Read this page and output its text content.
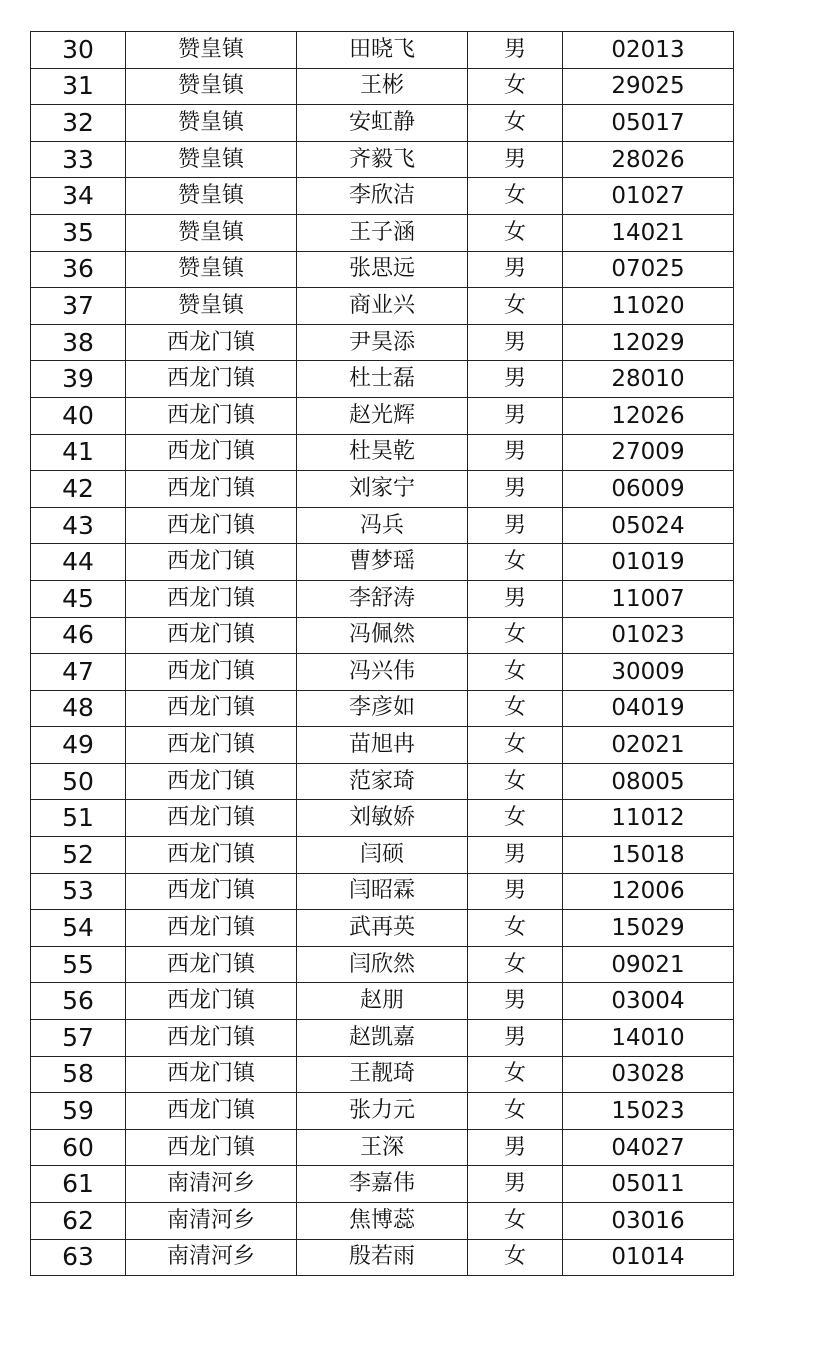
30	赞皇镇	田晓飞	男	02013
31	赞皇镇	王彬	女	29025
32	赞皇镇	安虹静	女	05017
33	赞皇镇	齐毅飞	男	28026
34	赞皇镇	李欣洁	女	01027
35	赞皇镇	王子涵	女	14021
36	赞皇镇	张思远	男	07025
37	赞皇镇	商业兴	女	11020
38	西龙门镇	尹昊添	男	12029
39	西龙门镇	杜士磊	男	28010
40	西龙门镇	赵光辉	男	12026
41	西龙门镇	杜昊乾	男	27009
42	西龙门镇	刘家宁	男	06009
43	西龙门镇	冯兵	男	05024
44	西龙门镇	曹梦瑶	女	01019
45	西龙门镇	李舒涛	男	11007
46	西龙门镇	冯佩然	女	01023
47	西龙门镇	冯兴伟	女	30009
48	西龙门镇	李彦如	女	04019
49	西龙门镇	苗旭冉	女	02021
50	西龙门镇	范家琦	女	08005
51	西龙门镇	刘敏娇	女	11012
52	西龙门镇	闫硕	男	15018
53	西龙门镇	闫昭霖	男	12006
54	西龙门镇	武再英	女	15029
55	西龙门镇	闫欣然	女	09021
56	西龙门镇	赵朋	男	03004
57	西龙门镇	赵凯嘉	男	14010
58	西龙门镇	王靓琦	女	03028
59	西龙门镇	张力元	女	15023
60	西龙门镇	王深	男	04027
61	南清河乡	李嘉伟	男	05011
62	南清河乡	焦博蕊	女	03016
63	南清河乡	殷若雨	女	01014
